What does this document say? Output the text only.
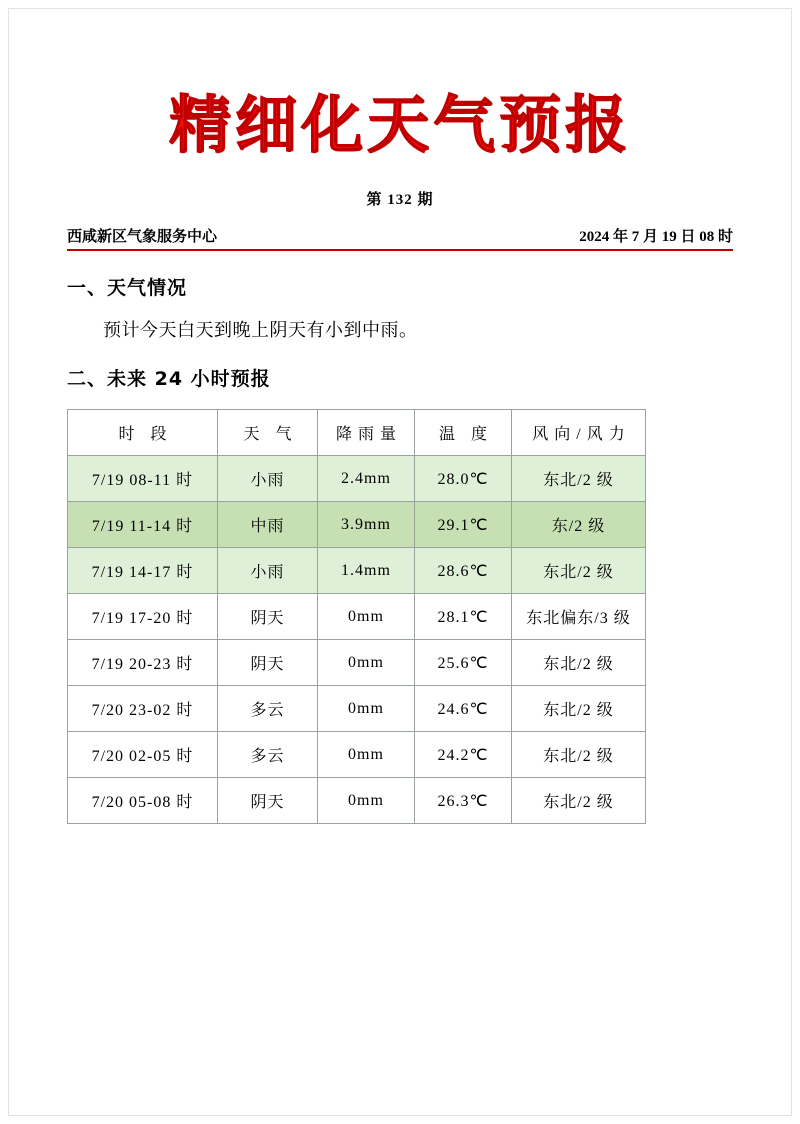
精细化天气预报
第 132 期
西咸新区气象服务中心	2024 年 7 月 19 日 08 时
一、天气情况

预计今天白天到晚上阴天有小到中雨。

二、未来 24 小时预报
时 段	天 气	降雨量	温 度	风向/风力
7/19 08-11 时	小雨	2.4mm	28.0℃	东北/2 级
7/19 11-14 时	中雨	3.9mm	29.1℃	东/2 级
7/19 14-17 时	小雨	1.4mm	28.6℃	东北/2 级
7/19 17-20 时	阴天	0mm	28.1℃	东北偏东/3 级
7/19 20-23 时	阴天	0mm	25.6℃	东北/2 级
7/20 23-02 时	多云	0mm	24.6℃	东北/2 级
7/20 02-05 时	多云	0mm	24.2℃	东北/2 级
7/20 05-08 时	阴天	0mm	26.3℃	东北/2 级
